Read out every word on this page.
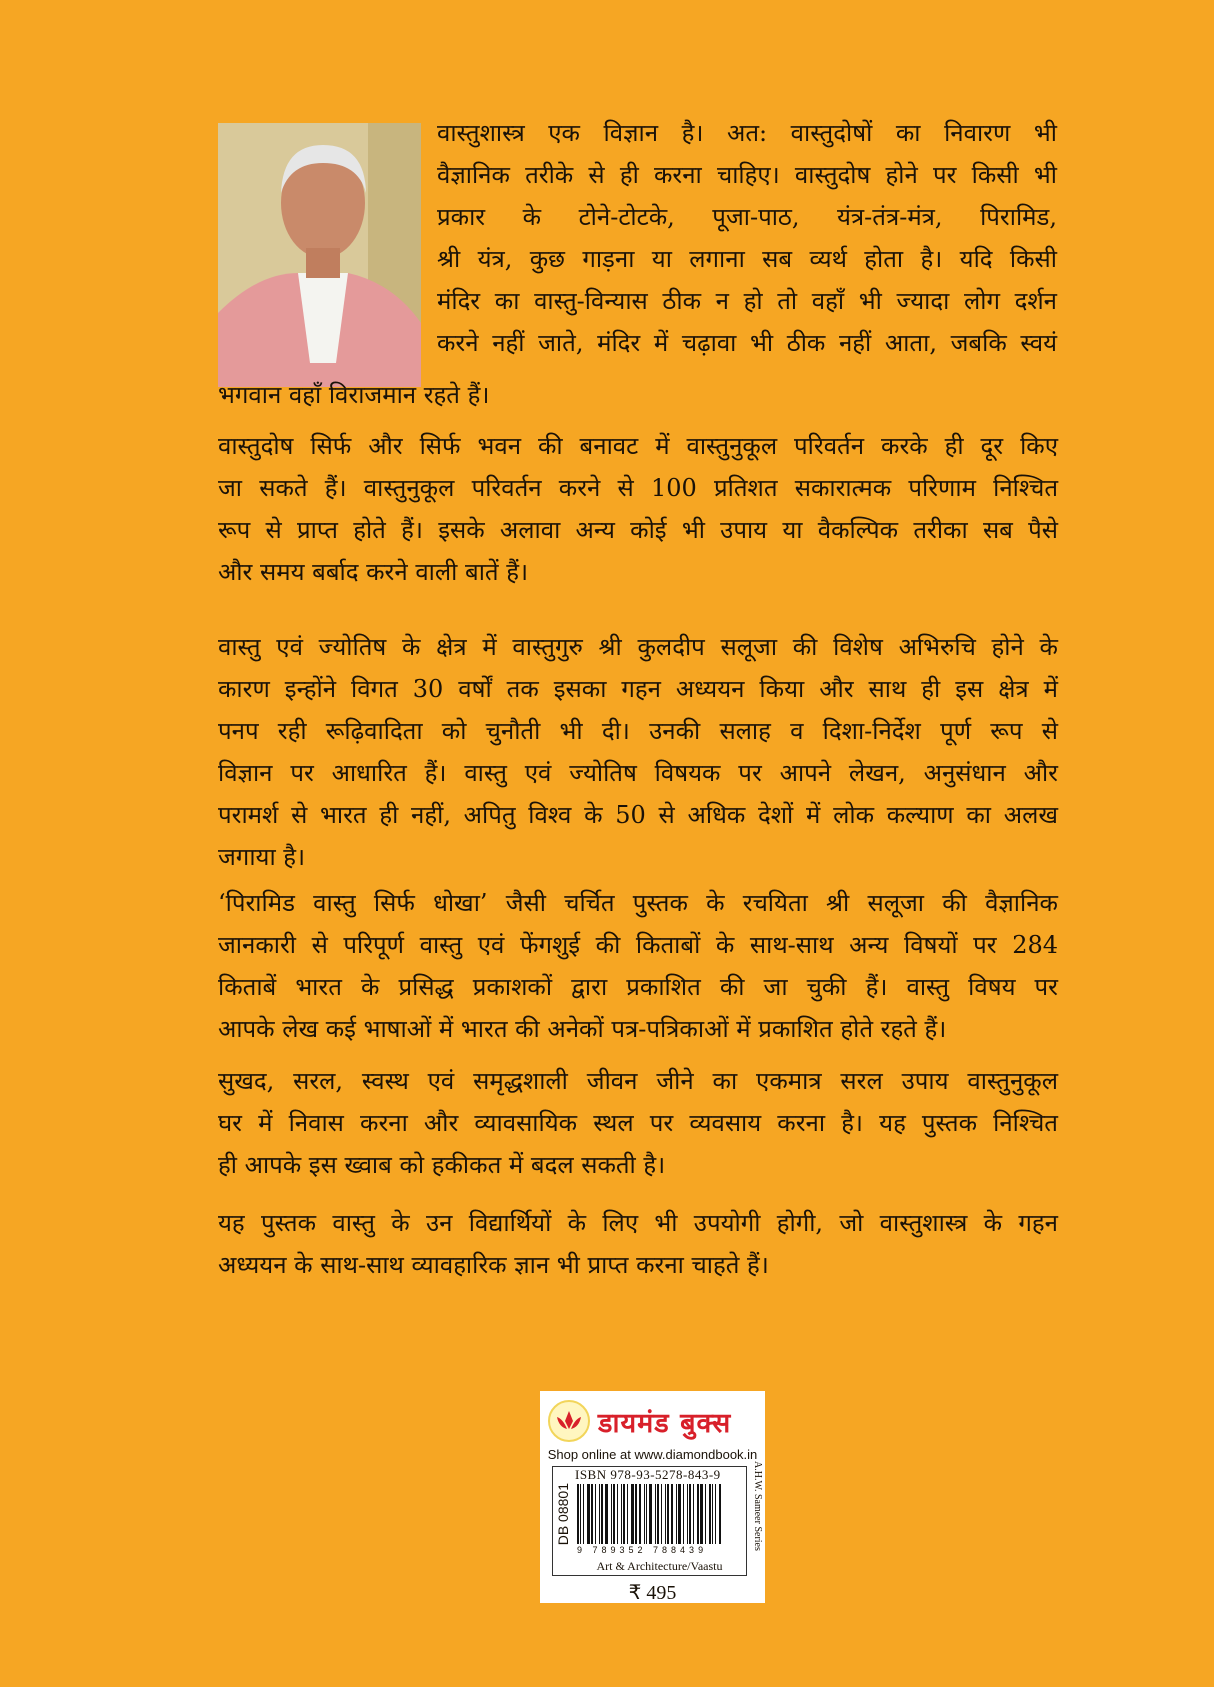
वास्तुशास्त्र एक विज्ञान है। अत: वास्तुदोषों का निवारण भी
वैज्ञानिक तरीके से ही करना चाहिए। वास्तुदोष होने पर किसी भी
प्रकार के टोने-टोटके, पूजा-पाठ, यंत्र-तंत्र-मंत्र, पिरामिड,
श्री यंत्र, कुछ गाड़ना या लगाना सब व्यर्थ होता है। यदि किसी
मंदिर का वास्तु-विन्यास ठीक न हो तो वहाँ भी ज्यादा लोग दर्शन
करने नहीं जाते, मंदिर में चढ़ावा भी ठीक नहीं आता, जबकि स्वयं
भगवान वहाँ विराजमान रहते हैं।
वास्तुदोष सिर्फ और सिर्फ भवन की बनावट में वास्तुनुकूल परिवर्तन करके ही दूर किए
जा सकते हैं। वास्तुनुकूल परिवर्तन करने से 100 प्रतिशत सकारात्मक परिणाम निश्चित
रूप से प्राप्त होते हैं। इसके अलावा अन्य कोई भी उपाय या वैकल्पिक तरीका सब पैसे
और समय बर्बाद करने वाली बातें हैं।
वास्तु एवं ज्योतिष के क्षेत्र में वास्तुगुरु श्री कुलदीप सलूजा की विशेष अभिरुचि होने के
कारण इन्होंने विगत 30 वर्षों तक इसका गहन अध्ययन किया और साथ ही इस क्षेत्र में
पनप रही रूढ़िवादिता को चुनौती भी दी। उनकी सलाह व दिशा-निर्देश पूर्ण रूप से
विज्ञान पर आधारित हैं। वास्तु एवं ज्योतिष विषयक पर आपने लेखन, अनुसंधान और
परामर्श से भारत ही नहीं, अपितु विश्व के 50 से अधिक देशों में लोक कल्याण का अलख
जगाया है।
‘पिरामिड वास्तु सिर्फ धोखा’ जैसी चर्चित पुस्तक के रचयिता श्री सलूजा की वैज्ञानिक
जानकारी से परिपूर्ण वास्तु एवं फेंगशुई की किताबों के साथ-साथ अन्य विषयों पर 284
किताबें भारत के प्रसिद्ध प्रकाशकों द्वारा प्रकाशित की जा चुकी हैं। वास्तु विषय पर
आपके लेख कई भाषाओं में भारत की अनेकों पत्र-पत्रिकाओं में प्रकाशित होते रहते हैं।
सुखद, सरल, स्वस्थ एवं समृद्धशाली जीवन जीने का एकमात्र सरल उपाय वास्तुनुकूल
घर में निवास करना और व्यावसायिक स्थल पर व्यवसाय करना है। यह पुस्तक निश्चित
ही आपके इस ख्वाब को हकीकत में बदल सकती है।
यह पुस्तक वास्तु के उन विद्यार्थियों के लिए भी उपयोगी होगी, जो वास्तुशास्त्र के गहन
अध्ययन के साथ-साथ व्यावहारिक ज्ञान भी प्राप्त करना चाहते हैं।
डायमंड बुक्स
Shop online at www.diamondbook.in
ISBN 978-93-5278-843-9
DB 08801
9 789352 788439
Art & Architecture/Vaastu
A.H.W. Sameer Series
₹ 495
